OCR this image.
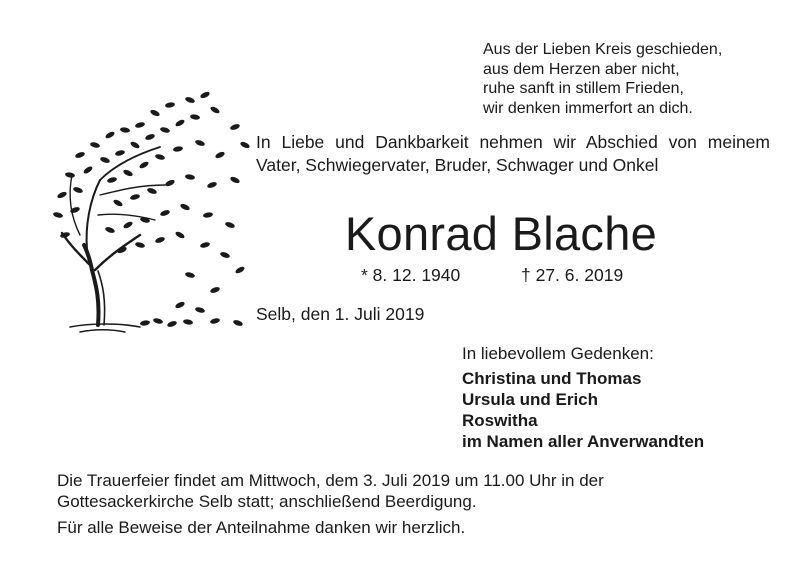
Aus der Lieben Kreis geschieden,
aus dem Herzen aber nicht,
ruhe sanft in stillem Frieden,
wir denken immerfort an dich.
In Liebe und Dankbarkeit nehmen wir Abschied von meinem Vater, Schwiegervater, Bruder, Schwager und Onkel
Konrad Blache
* 8. 12. 1940	† 27. 6. 2019
Selb, den 1. Juli 2019
In liebevollem Gedenken:
Christina und Thomas
Ursula und Erich
Roswitha
im Namen aller Anverwandten

Die Trauerfeier findet am Mittwoch, dem 3. Juli 2019 um 11.00 Uhr in der

Gottesackerkirche Selb statt; anschließend Beerdigung.

Für alle Beweise der Anteilnahme danken wir herzlich.
